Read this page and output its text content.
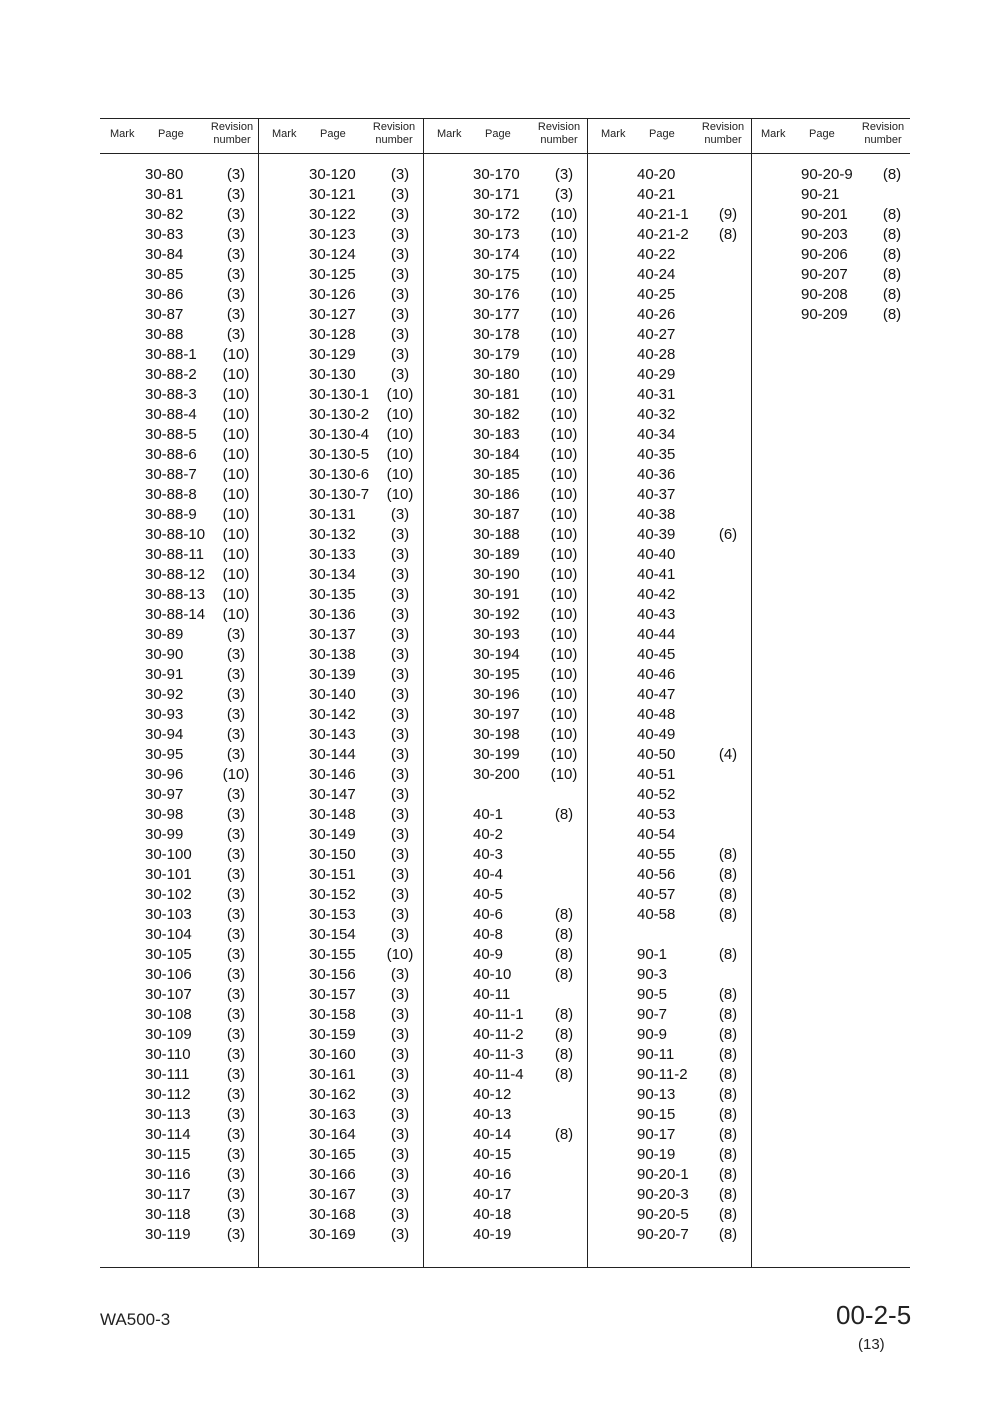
Mark Page
Revision
number	Mark Page
Revision
number	Mark Page
Revision
number	Mark Page
Revision
number	Mark Page
Revision
number
30-80	(3)
30-81	(3)
30-82	(3)
30-83	(3)
30-84	(3)
30-85	(3)
30-86	(3)
30-87	(3)
30-88	(3)
30-88-1	(10)
30-88-2	(10)
30-88-3	(10)
30-88-4	(10)
30-88-5	(10)
30-88-6	(10)
30-88-7	(10)
30-88-8	(10)
30-88-9	(10)
30-88-10	(10)
30-88-11	(10)
30-88-12	(10)
30-88-13	(10)
30-88-14	(10)
30-89	(3)
30-90	(3)
30-91	(3)
30-92	(3)
30-93	(3)
30-94	(3)
30-95	(3)
30-96	(10)
30-97	(3)
30-98	(3)
30-99	(3)
30-100	(3)
30-101	(3)
30-102	(3)
30-103	(3)
30-104	(3)
30-105	(3)
30-106	(3)
30-107	(3)
30-108	(3)
30-109	(3)
30-110	(3)
30-111	(3)
30-112	(3)
30-113	(3)
30-114	(3)
30-115	(3)
30-116	(3)
30-117	(3)
30-118	(3)
30-119	(3)
30-120	(3)
30-121	(3)
30-122	(3)
30-123	(3)
30-124	(3)
30-125	(3)
30-126	(3)
30-127	(3)
30-128	(3)
30-129	(3)
30-130	(3)
30-130-1	(10)
30-130-2	(10)
30-130-4	(10)
30-130-5	(10)
30-130-6	(10)
30-130-7	(10)
30-131	(3)
30-132	(3)
30-133	(3)
30-134	(3)
30-135	(3)
30-136	(3)
30-137	(3)
30-138	(3)
30-139	(3)
30-140	(3)
30-142	(3)
30-143	(3)
30-144	(3)
30-146	(3)
30-147	(3)
30-148	(3)
30-149	(3)
30-150	(3)
30-151	(3)
30-152	(3)
30-153	(3)
30-154	(3)
30-155	(10)
30-156	(3)
30-157	(3)
30-158	(3)
30-159	(3)
30-160	(3)
30-161	(3)
30-162	(3)
30-163	(3)
30-164	(3)
30-165	(3)
30-166	(3)
30-167	(3)
30-168	(3)
30-169	(3)
30-170	(3)
30-171	(3)
30-172	(10)
30-173	(10)
30-174	(10)
30-175	(10)
30-176	(10)
30-177	(10)
30-178	(10)
30-179	(10)
30-180	(10)
30-181	(10)
30-182	(10)
30-183	(10)
30-184	(10)
30-185	(10)
30-186	(10)
30-187	(10)
30-188	(10)
30-189	(10)
30-190	(10)
30-191	(10)
30-192	(10)
30-193	(10)
30-194	(10)
30-195	(10)
30-196	(10)
30-197	(10)
30-198	(10)
30-199	(10)
30-200	(10)
40-1	(8)
40-2
40-3
40-4
40-5
40-6	(8)
40-8	(8)
40-9	(8)
40-10	(8)
40-11
40-11-1	(8)
40-11-2	(8)
40-11-3	(8)
40-11-4	(8)
40-12
40-13
40-14	(8)
40-15
40-16
40-17
40-18
40-19
40-20
40-21
40-21-1	(9)
40-21-2	(8)
40-22
40-24
40-25
40-26
40-27
40-28
40-29
40-31
40-32
40-34
40-35
40-36
40-37
40-38
40-39	(6)
40-40
40-41
40-42
40-43
40-44
40-45
40-46
40-47
40-48
40-49
40-50	(4)
40-51
40-52
40-53
40-54
40-55	(8)
40-56	(8)
40-57	(8)
40-58	(8)
90-1	(8)
90-3
90-5	(8)
90-7	(8)
90-9	(8)
90-11	(8)
90-11-2	(8)
90-13	(8)
90-15	(8)
90-17	(8)
90-19	(8)
90-20-1	(8)
90-20-3	(8)
90-20-5	(8)
90-20-7	(8)
90-20-9	(8)
90-21
90-201	(8)
90-203	(8)
90-206	(8)
90-207	(8)
90-208	(8)
90-209	(8)
WA500-3	00-2-5
(13)
